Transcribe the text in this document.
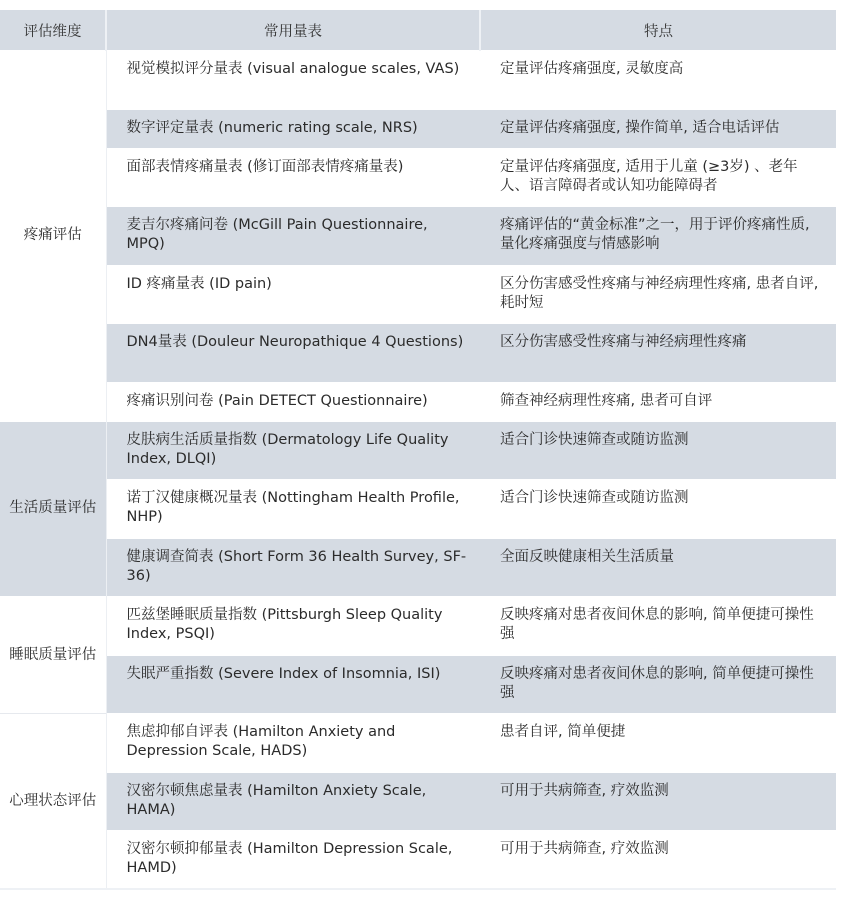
评估维度	常用量表	特点
疼痛评估	视觉模拟评分量表 (visual analogue scales, VAS)	定量评估疼痛强度, 灵敏度高
	数字评定量表 (numeric rating scale, NRS)	定量评估疼痛强度, 操作简单, 适合电话评估
	面部表情疼痛量表 (修订面部表情疼痛量表)	定量评估疼痛强度, 适用于儿童 (≥3岁) 、老年人、语言障碍者或认知功能障碍者
	麦吉尔疼痛问卷 (McGill Pain Questionnaire, MPQ)	疼痛评估的“黄金标准”之一，用于评价疼痛性质, 量化疼痛强度与情感影响
	ID 疼痛量表 (ID pain)	区分伤害感受性疼痛与神经病理性疼痛, 患者自评, 耗时短
	DN4量表 (Douleur Neuropathique 4 Questions)	区分伤害感受性疼痛与神经病理性疼痛
	疼痛识别问卷 (Pain DETECT Questionnaire)	筛查神经病理性疼痛, 患者可自评
生活质量评估	皮肤病生活质量指数 (Dermatology Life Quality Index, DLQI)	适合门诊快速筛查或随访监测
	诺丁汉健康概况量表 (Nottingham Health Profile, NHP)	适合门诊快速筛查或随访监测
	健康调查简表 (Short Form 36 Health Survey, SF-36)	全面反映健康相关生活质量
睡眠质量评估	匹兹堡睡眠质量指数 (Pittsburgh Sleep Quality Index, PSQI)	反映疼痛对患者夜间休息的影响, 简单便捷可操性强
	失眠严重指数 (Severe Index of Insomnia, ISI)	反映疼痛对患者夜间休息的影响, 简单便捷可操性强
心理状态评估	焦虑抑郁自评表 (Hamilton Anxiety and Depression Scale, HADS)	患者自评, 简单便捷
	汉密尔顿焦虑量表 (Hamilton Anxiety Scale, HAMA)	可用于共病筛查, 疗效监测
	汉密尔顿抑郁量表 (Hamilton Depression Scale, HAMD)	可用于共病筛查, 疗效监测
